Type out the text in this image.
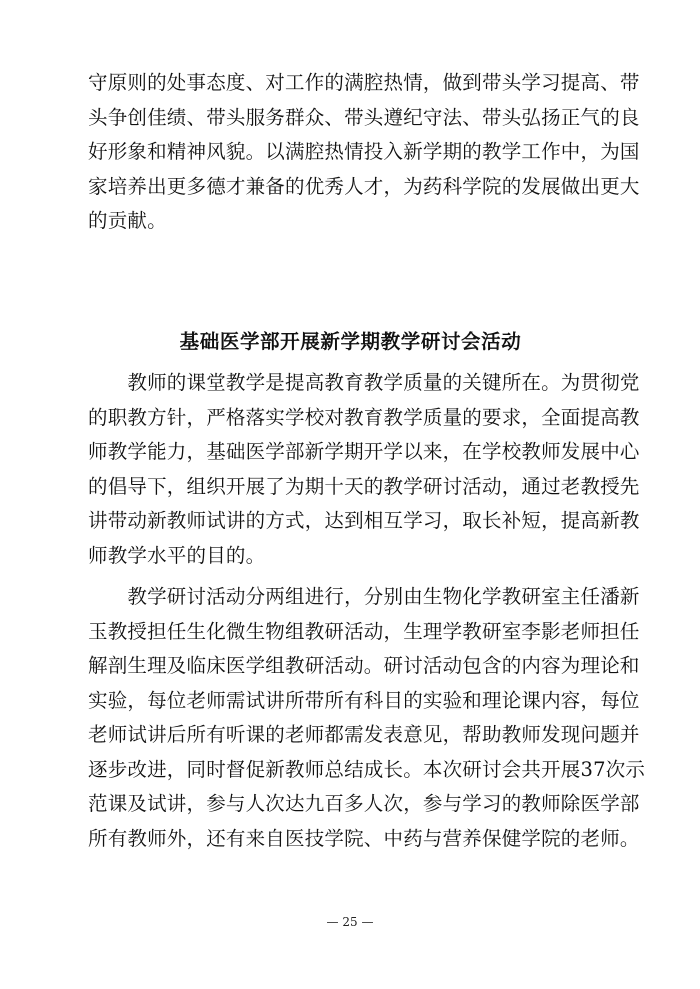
守原则的处事态度、对工作的满腔热情，做到带头学习提高、带
头争创佳绩、带头服务群众、带头遵纪守法、带头弘扬正气的良
好形象和精神风貌。以满腔热情投入新学期的教学工作中，为国
家培养出更多德才兼备的优秀人才，为药科学院的发展做出更大
的贡献。
基础医学部开展新学期教学研讨会活动
　　教师的课堂教学是提高教育教学质量的关键所在。为贯彻党
的职教方针，严格落实学校对教育教学质量的要求，全面提高教
师教学能力，基础医学部新学期开学以来，在学校教师发展中心
的倡导下，组织开展了为期十天的教学研讨活动，通过老教授先
讲带动新教师试讲的方式，达到相互学习，取长补短，提高新教
师教学水平的目的。
　　教学研讨活动分两组进行，分别由生物化学教研室主任潘新
玉教授担任生化微生物组教研活动，生理学教研室李影老师担任
解剖生理及临床医学组教研活动。研讨活动包含的内容为理论和
实验，每位老师需试讲所带所有科目的实验和理论课内容，每位
老师试讲后所有听课的老师都需发表意见，帮助教师发现问题并
逐步改进，同时督促新教师总结成长。本次研讨会共开展37次示
范课及试讲，参与人次达九百多人次，参与学习的教师除医学部
所有教师外，还有来自医技学院、中药与营养保健学院的老师。
— 25 —
